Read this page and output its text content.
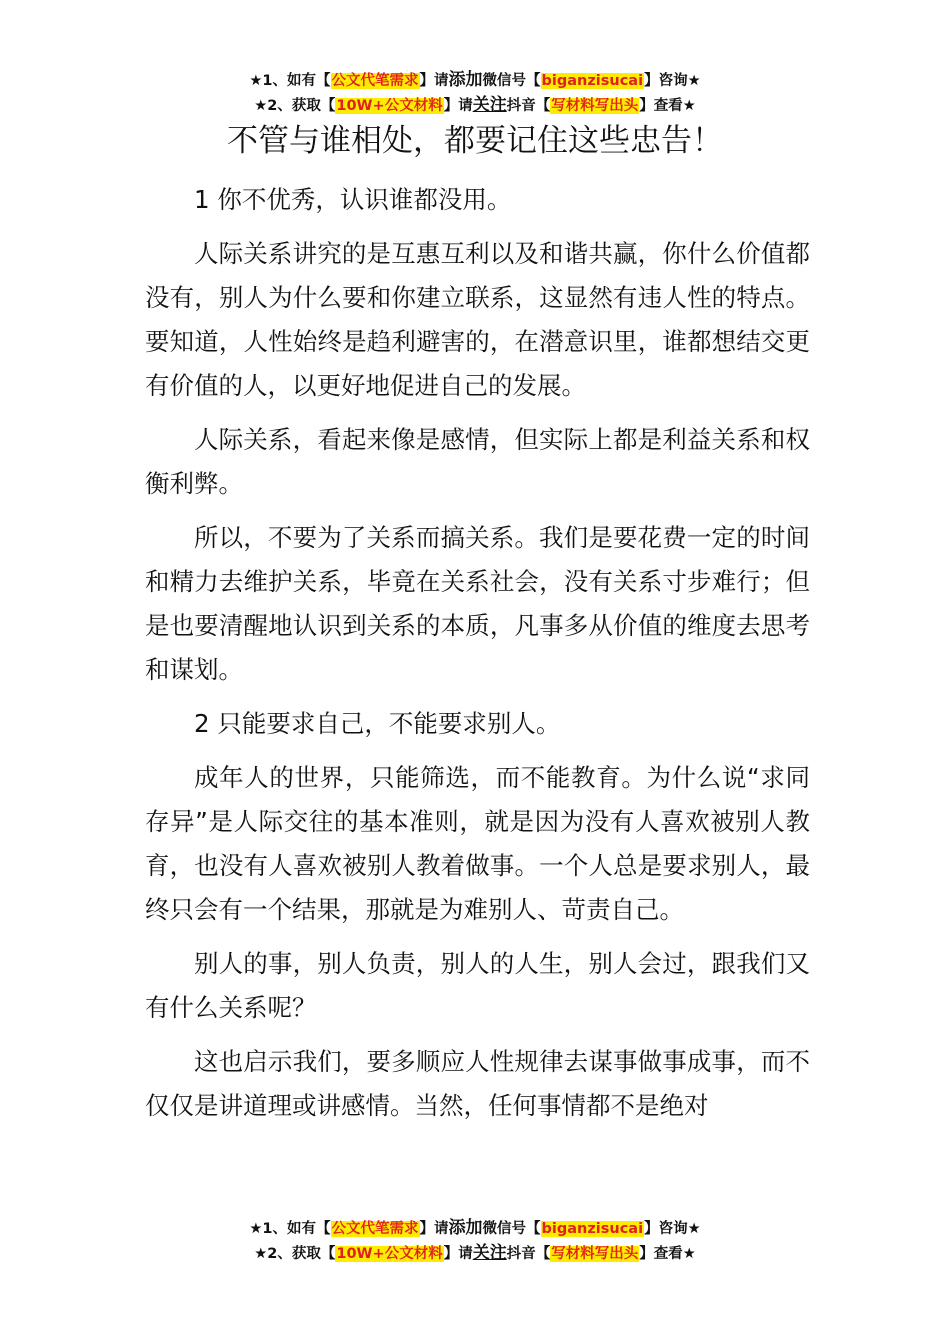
★1、如有【公文代笔需求】请添加微信号【biganzisucai】咨询★
★2、获取【10W+公文材料】请关注抖音【写材料写出头】查看★
不管与谁相处，都要记住这些忠告！

1 你不优秀，认识谁都没用。

人际关系讲究的是互惠互利以及和谐共赢，你什么价值都没有，别人为什么要和你建立联系，这显然有违人性的特点。要知道，人性始终是趋利避害的，在潜意识里，谁都想结交更有价值的人，以更好地促进自己的发展。

人际关系，看起来像是感情，但实际上都是利益关系和权衡利弊。

所以，不要为了关系而搞关系。我们是要花费一定的时间和精力去维护关系，毕竟在关系社会，没有关系寸步难行；但是也要清醒地认识到关系的本质，凡事多从价值的维度去思考和谋划。

2 只能要求自己，不能要求别人。

成年人的世界，只能筛选，而不能教育。为什么说“求同存异”是人际交往的基本准则，就是因为没有人喜欢被别人教育，也没有人喜欢被别人教着做事。一个人总是要求别人，最终只会有一个结果，那就是为难别人、苛责自己。

别人的事，别人负责，别人的人生，别人会过，跟我们又有什么关系呢？

这也启示我们，要多顺应人性规律去谋事做事成事，而不仅仅是讲道理或讲感情。当然，任何事情都不是绝对

★1、如有【公文代笔需求】请添加微信号【biganzisucai】咨询★
★2、获取【10W+公文材料】请关注抖音【写材料写出头】查看★
